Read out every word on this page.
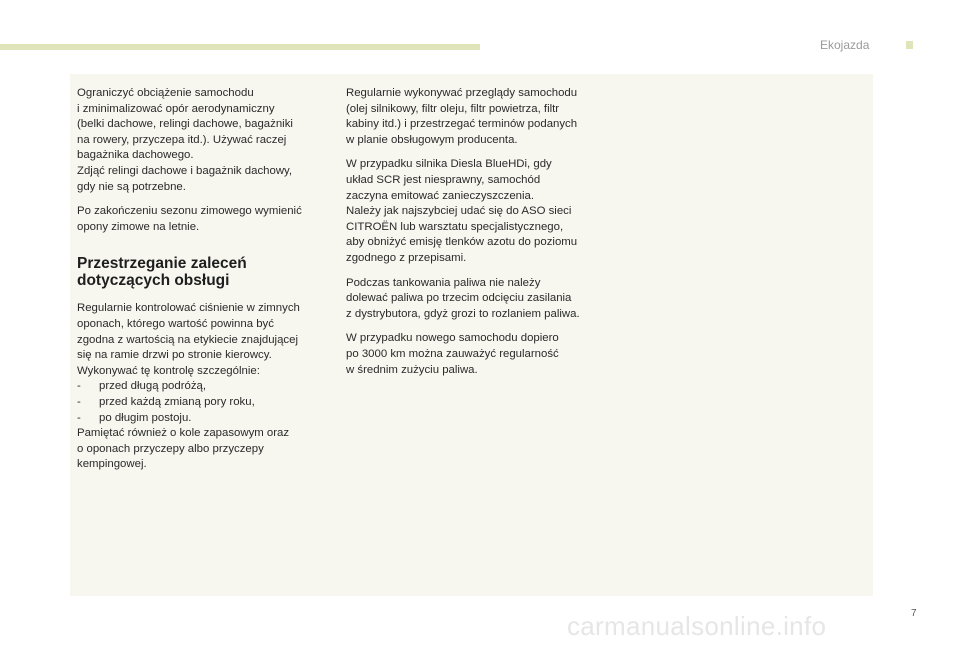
Ekojazda

Ograniczyć obciążenie samochodu
i zminimalizować opór aerodynamiczny
(belki dachowe, relingi dachowe, bagażniki
na rowery, przyczepa itd.). Używać raczej
bagażnika dachowego.
Zdjąć relingi dachowe i bagażnik dachowy,
gdy nie są potrzebne.

Po zakończeniu sezonu zimowego wymienić
opony zimowe na letnie.

Przestrzeganie zaleceń
dotyczących obsługi

Regularnie kontrolować ciśnienie w zimnych
oponach, którego wartość powinna być
zgodna z wartością na etykiecie znajdującej
się na ramie drzwi po stronie kierowcy.
Wykonywać tę kontrolę szczególnie:

- przed długą podróżą,
- przed każdą zmianą pory roku,
- po długim postoju.

Pamiętać również o kole zapasowym oraz
o oponach przyczepy albo przyczepy
kempingowej.

Regularnie wykonywać przeglądy samochodu
(olej silnikowy, filtr oleju, filtr powietrza, filtr
kabiny itd.) i przestrzegać terminów podanych
w planie obsługowym producenta.

W przypadku silnika Diesla BlueHDi, gdy
układ SCR jest niesprawny, samochód
zaczyna emitować zanieczyszczenia.
Należy jak najszybciej udać się do ASO sieci
CITROËN lub warsztatu specjalistycznego,
aby obniżyć emisję tlenków azotu do poziomu
zgodnego z przepisami.

Podczas tankowania paliwa nie należy
dolewać paliwa po trzecim odcięciu zasilania
z dystrybutora, gdyż grozi to rozlaniem paliwa.

W przypadku nowego samochodu dopiero
po 3000 km można zauważyć regularność
w średnim zużyciu paliwa.

7
carmanualsonline.info
